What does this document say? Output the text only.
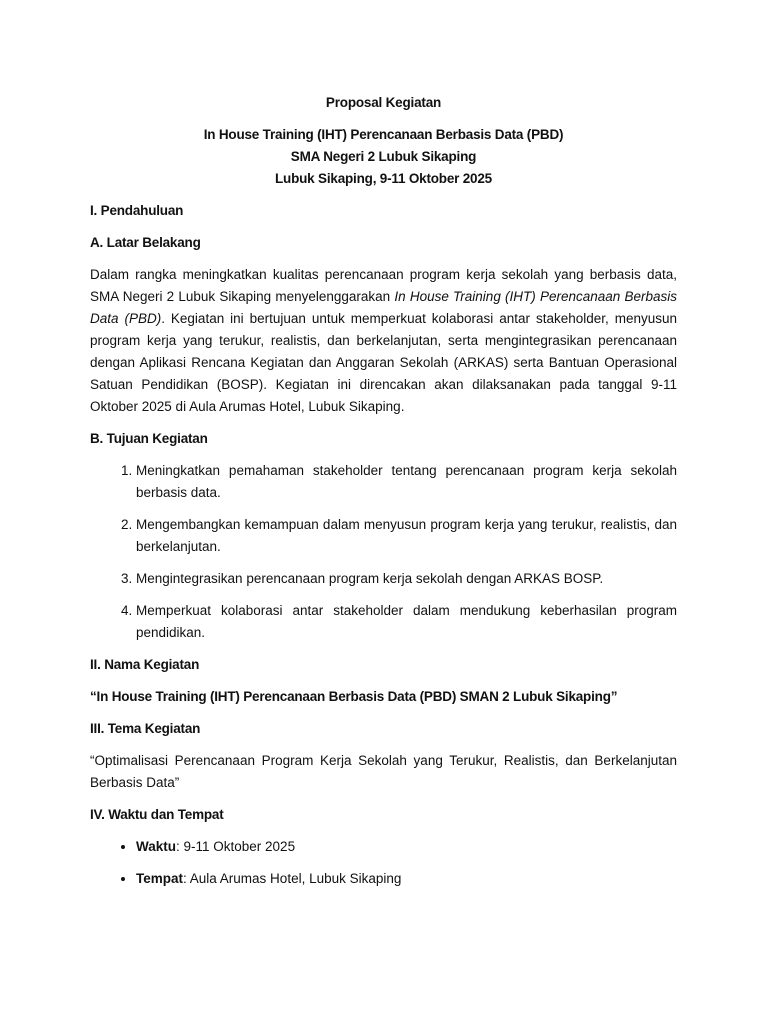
Proposal Kegiatan
In House Training (IHT) Perencanaan Berbasis Data (PBD)
SMA Negeri 2 Lubuk Sikaping
Lubuk Sikaping, 9-11 Oktober 2025
I. Pendahuluan
A. Latar Belakang
Dalam rangka meningkatkan kualitas perencanaan program kerja sekolah yang berbasis data, SMA Negeri 2 Lubuk Sikaping menyelenggarakan In House Training (IHT) Perencanaan Berbasis Data (PBD). Kegiatan ini bertujuan untuk memperkuat kolaborasi antar stakeholder, menyusun program kerja yang terukur, realistis, dan berkelanjutan, serta mengintegrasikan perencanaan dengan Aplikasi Rencana Kegiatan dan Anggaran Sekolah (ARKAS) serta Bantuan Operasional Satuan Pendidikan (BOSP). Kegiatan ini direncakan akan dilaksanakan pada tanggal 9-11 Oktober 2025 di Aula Arumas Hotel, Lubuk Sikaping.
B. Tujuan Kegiatan
1. Meningkatkan pemahaman stakeholder tentang perencanaan program kerja sekolah berbasis data.
2. Mengembangkan kemampuan dalam menyusun program kerja yang terukur, realistis, dan berkelanjutan.
3. Mengintegrasikan perencanaan program kerja sekolah dengan ARKAS BOSP.
4. Memperkuat kolaborasi antar stakeholder dalam mendukung keberhasilan program pendidikan.
II. Nama Kegiatan
“In House Training (IHT) Perencanaan Berbasis Data (PBD) SMAN 2 Lubuk Sikaping”
III. Tema Kegiatan
“Optimalisasi Perencanaan Program Kerja Sekolah yang Terukur, Realistis, dan Berkelanjutan Berbasis Data”
IV. Waktu dan Tempat
• Waktu: 9-11 Oktober 2025
• Tempat: Aula Arumas Hotel, Lubuk Sikaping
